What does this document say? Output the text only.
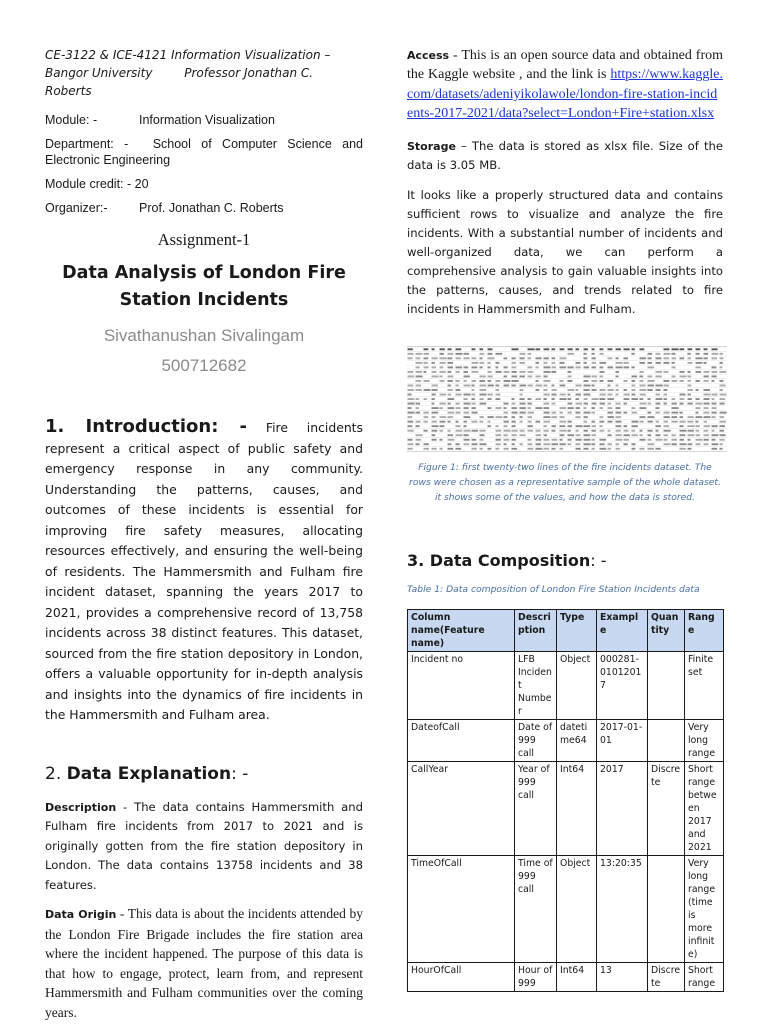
CE-3122 & ICE-4121 Information Visualization – Bangor University	Professor Jonathan C. Roberts
Module: -	Information Visualization
Department: - School of Computer Science and Electronic Engineering
Module credit: - 20
Organizer:-	Prof. Jonathan C. Roberts
Assignment-1
Data Analysis of London Fire Station Incidents
Sivathanushan Sivalingam
500712682
1. Introduction: - Fire incidents represent a critical aspect of public safety and emergency response in any community. Understanding the patterns, causes, and outcomes of these incidents is essential for improving fire safety measures, allocating resources effectively, and ensuring the well-being of residents. The Hammersmith and Fulham fire incident dataset, spanning the years 2017 to 2021, provides a comprehensive record of 13,758 incidents across 38 distinct features. This dataset, sourced from the fire station depository in London, offers a valuable opportunity for in-depth analysis and insights into the dynamics of fire incidents in the Hammersmith and Fulham area.
2. Data Explanation: -

Description - The data contains Hammersmith and Fulham fire incidents from 2017 to 2021 and is originally gotten from the fire station depository in London. The data contains 13758 incidents and 38 features.

Data Origin - This data is about the incidents attended by the London Fire Brigade includes the fire station area where the incident happened. The purpose of this data is that how to engage, protect, learn from, and represent Hammersmith and Fulham communities over the coming years.

Access - This is an open source data and obtained from the Kaggle website , and the link is https://www.kaggle.com/datasets/adeniyikolawole/london-fire-station-incidents-2017-2021/data?select=London+Fire+station.xlsx

Storage – The data is stored as xlsx file. Size of the data is 3.05 MB.

It looks like a properly structured data and contains sufficient rows to visualize and analyze the fire incidents. With a substantial number of incidents and well-organized data, we can perform a comprehensive analysis to gain valuable insights into the patterns, causes, and trends related to fire incidents in Hammersmith and Fulham.

Figure 1: first twenty-two lines of the fire incidents dataset. The rows were chosen as a representative sample of the whole dataset. it shows some of the values, and how the data is stored.
3. Data Composition: -
Table 1: Data composition of London Fire Station Incidents data
Column name(Feature name)	Description	Type	Example	Quantity	Range
Incident no	LFB Incident Number	Object	000281-01012017		Finite set
DateofCall	Date of 999 call	datetime64	2017-01-01		Very long range
CallYear	Year of 999 call	Int64	2017	Discrete	Short range between 2017 and 2021
TimeOfCall	Time of 999 call	Object	13:20:35		Very long range (time is more infinite)
HourOfCall	Hour of 999	Int64	13	Discrete	Short range
